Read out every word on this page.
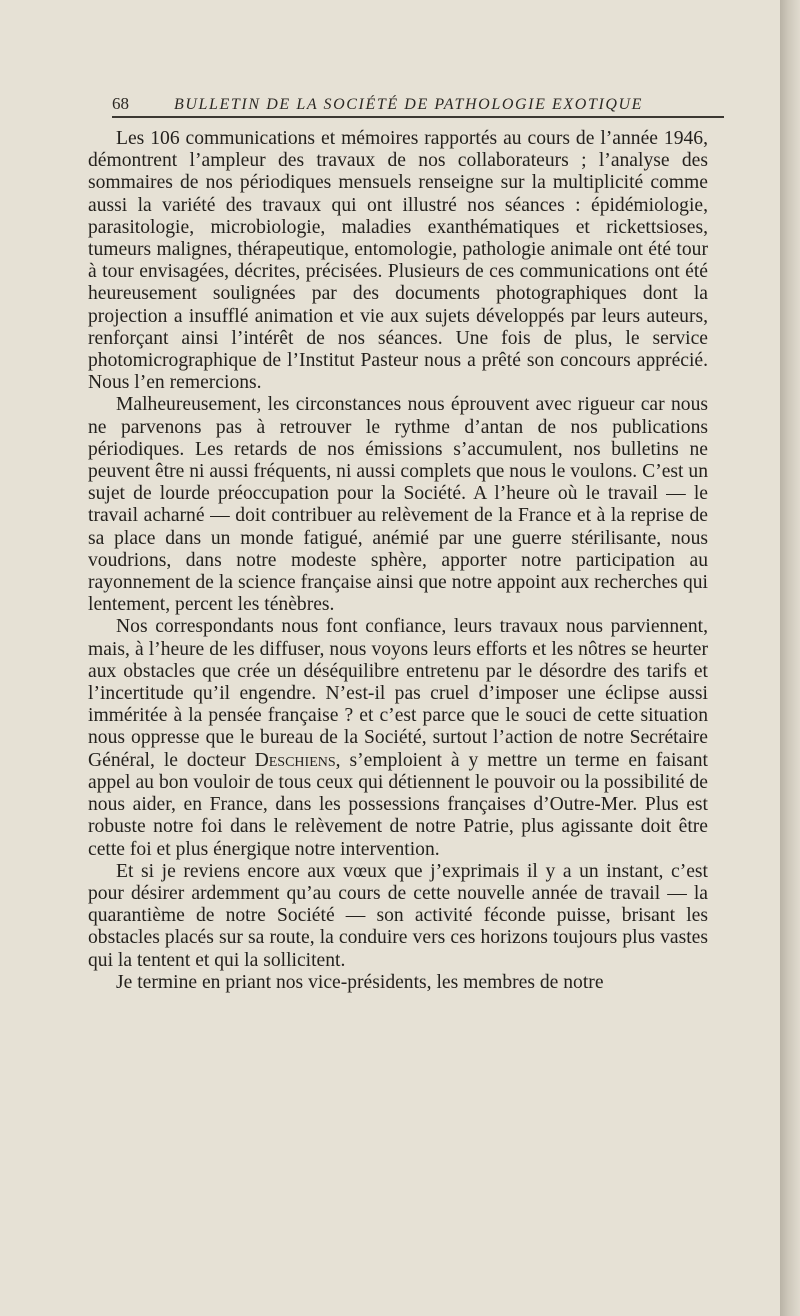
68	BULLETIN DE LA SOCIÉTÉ DE PATHOLOGIE EXOTIQUE

Les 106 communications et mémoires rapportés au cours de l’année 1946, démontrent l’ampleur des travaux de nos collaborateurs ; l’analyse des sommaires de nos périodiques mensuels renseigne sur la multiplicité comme aussi la variété des travaux qui ont illustré nos séances : épidémiologie, parasitologie, microbiologie, maladies exanthématiques et rickettsioses, tumeurs malignes, thérapeutique, entomologie, pathologie animale ont été tour à tour envisagées, décrites, précisées. Plusieurs de ces communications ont été heureusement soulignées par des documents photographiques dont la projection a insufflé animation et vie aux sujets développés par leurs auteurs, renforçant ainsi l’intérêt de nos séances. Une fois de plus, le service photomicrographique de l’Institut Pasteur nous a prêté son concours apprécié. Nous l’en remercions.

Malheureusement, les circonstances nous éprouvent avec rigueur car nous ne parvenons pas à retrouver le rythme d’antan de nos publications périodiques. Les retards de nos émissions s’accumulent, nos bulletins ne peuvent être ni aussi fréquents, ni aussi complets que nous le voulons. C’est un sujet de lourde préoccupation pour la Société. A l’heure où le travail — le travail acharné — doit contribuer au relèvement de la France et à la reprise de sa place dans un monde fatigué, anémié par une guerre stérilisante, nous voudrions, dans notre modeste sphère, apporter notre participation au rayonnement de la science française ainsi que notre appoint aux recherches qui lentement, percent les ténèbres.

Nos correspondants nous font confiance, leurs travaux nous parviennent, mais, à l’heure de les diffuser, nous voyons leurs efforts et les nôtres se heurter aux obstacles que crée un déséquilibre entretenu par le désordre des tarifs et l’incertitude qu’il engendre. N’est-il pas cruel d’imposer une éclipse aussi imméritée à la pensée française ? et c’est parce que le souci de cette situation nous oppresse que le bureau de la Société, surtout l’action de notre Secrétaire Général, le docteur Deschiens, s’emploient à y mettre un terme en faisant appel au bon vouloir de tous ceux qui détiennent le pouvoir ou la possibilité de nous aider, en France, dans les possessions françaises d’Outre-Mer. Plus est robuste notre foi dans le relèvement de notre Patrie, plus agissante doit être cette foi et plus énergique notre intervention.

Et si je reviens encore aux vœux que j’exprimais il y a un instant, c’est pour désirer ardemment qu’au cours de cette nouvelle année de travail — la quarantième de notre Société — son activité féconde puisse, brisant les obstacles placés sur sa route, la conduire vers ces horizons toujours plus vastes qui la tentent et qui la sollicitent.

Je termine en priant nos vice-présidents, les membres de notre
